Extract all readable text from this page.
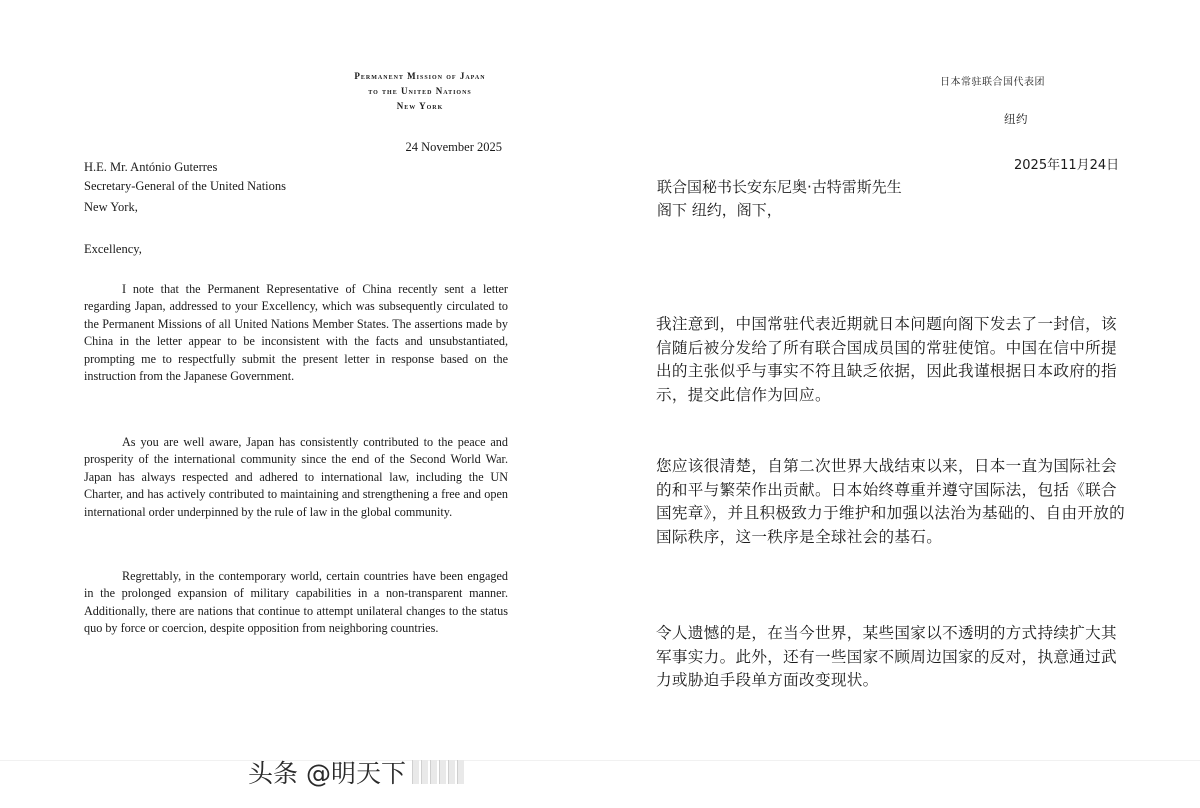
Permanent Mission of Japan
to the United Nations
New York
24 November 2025
H.E. Mr. António Guterres
Secretary-General of the United Nations
New York,
Excellency,

I note that the Permanent Representative of China recently sent a letter regarding Japan, addressed to your Excellency, which was subsequently circulated to the Permanent Missions of all United Nations Member States. The assertions made by China in the letter appear to be inconsistent with the facts and unsubstantiated, prompting me to respectfully submit the present letter in response based on the instruction from the Japanese Government.

As you are well aware, Japan has consistently contributed to the peace and prosperity of the international community since the end of the Second World War. Japan has always respected and adhered to international law, including the UN Charter, and has actively contributed to maintaining and strengthening a free and open international order underpinned by the rule of law in the global community.

Regrettably, in the contemporary world, certain countries have been engaged in the prolonged expansion of military capabilities in a non-transparent manner. Additionally, there are nations that continue to attempt unilateral changes to the status quo by force or coercion, despite opposition from neighboring countries.

日本常驻联合国代表团
纽约
2025年11月24日
联合国秘书长安东尼奥·古特雷斯先生
阁下 纽约，阁下，

我注意到，中国常驻代表近期就日本问题向阁下发去了一封信，该信随后被分发给了所有联合国成员国的常驻使馆。中国在信中所提出的主张似乎与事实不符且缺乏依据，因此我谨根据日本政府的指示，提交此信作为回应。

您应该很清楚，自第二次世界大战结束以来，日本一直为国际社会的和平与繁荣作出贡献。日本始终尊重并遵守国际法，包括《联合国宪章》，并且积极致力于维护和加强以法治为基础的、自由开放的国际秩序，这一秩序是全球社会的基石。

令人遗憾的是，在当今世界，某些国家以不透明的方式持续扩大其军事实力。此外，还有一些国家不顾周边国家的反对，执意通过武力或胁迫手段单方面改变现状。

头条 @明天下
